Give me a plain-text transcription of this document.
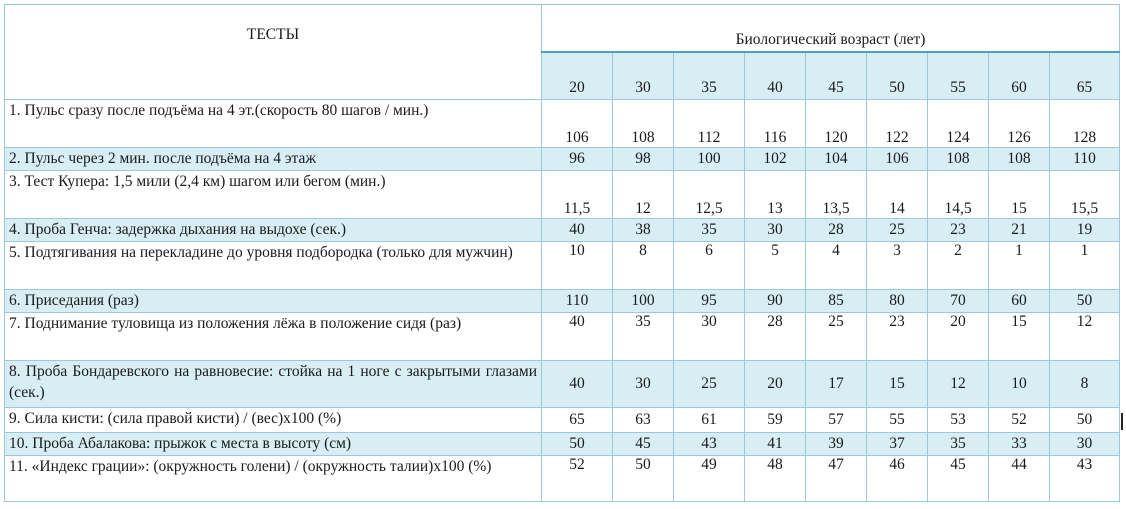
ТЕСТЫ	Биологический возраст (лет)								
	20	30	35	40	45	50	55	60	65
1. Пульс сразу после подъёма на 4 эт.(скорость 80 шагов / мин.)	106	108	112	116	120	122	124	126	128
2. Пульс через 2 мин. после подъёма на 4 этаж	96	98	100	102	104	106	108	108	110
3. Тест Купера: 1,5 мили (2,4 км) шагом или бегом (мин.)	11,5	12	12,5	13	13,5	14	14,5	15	15,5
4. Проба Генча: задержка дыхания на выдохе (сек.)	40	38	35	30	28	25	23	21	19
5. Подтягивания на перекладине до уровня подбородка (только для мужчин)	10	8	6	5	4	3	2	1	1
6. Приседания (раз)	110	100	95	90	85	80	70	60	50
7. Поднимание туловища из положения лёжа в положение сидя (раз)	40	35	30	28	25	23	20	15	12
8. Проба Бондаревского на равновесие: стойка на 1 ноге с закрытыми глазами (сек.)	40	30	25	20	17	15	12	10	8
9. Сила кисти: (сила правой кисти) / (вес)х100 (%)	65	63	61	59	57	55	53	52	50
10. Проба Абалакова: прыжок с места в высоту (см)	50	45	43	41	39	37	35	33	30
11. «Индекс грации»: (окружность голени) / (окружность талии)х100 (%)	52	50	49	48	47	46	45	44	43
